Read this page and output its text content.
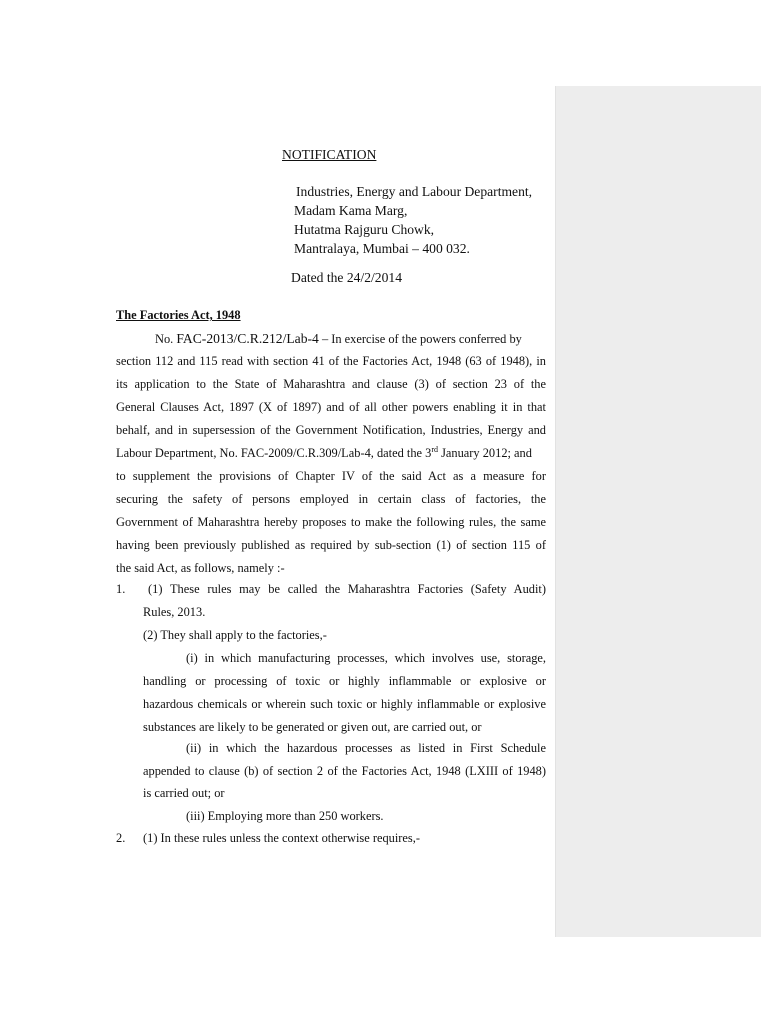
NOTIFICATION
Industries, Energy and Labour Department,
Madam Kama Marg,
Hutatma Rajguru Chowk,
Mantralaya, Mumbai – 400 032.
Dated the 24/2/2014
The Factories Act, 1948
No. FAC-2013/C.R.212/Lab-4 – In exercise of the powers conferred by
section 112 and 115 read with section 41 of the Factories Act, 1948 (63 of 1948), in
its application to the State of Maharashtra and clause (3) of section 23 of the
General Clauses Act, 1897 (X of 1897) and of all other powers enabling it in that
behalf, and in supersession of the Government Notification, Industries, Energy and
Labour Department, No. FAC-2009/C.R.309/Lab-4, dated the 3rd January 2012; and
to supplement the provisions of Chapter IV of the said Act as a measure for
securing the safety of persons employed in certain class of factories, the
Government of Maharashtra hereby proposes to make the following rules, the same
having been previously published as required by sub-section (1) of section 115 of
the said Act, as follows, namely :-
1. (1) These rules may be called the Maharashtra Factories (Safety Audit)
Rules, 2013.
(2) They shall apply to the factories,-
(i) in which manufacturing processes, which involves use, storage,
handling or processing of toxic or highly inflammable or explosive or
hazardous chemicals or wherein such toxic or highly inflammable or explosive
substances are likely to be generated or given out, are carried out, or
(ii) in which the hazardous processes as listed in First Schedule
appended to clause (b) of section 2 of the Factories Act, 1948 (LXIII of 1948)
is carried out; or
(iii) Employing more than 250 workers.
2. (1) In these rules unless the context otherwise requires,-
